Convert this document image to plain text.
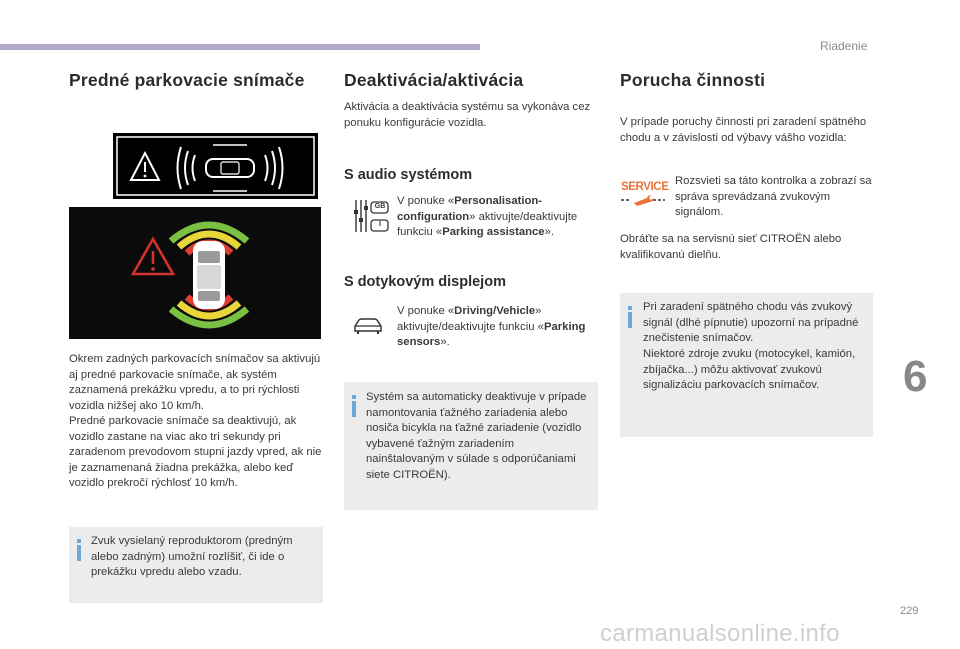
Riadenie
Predné parkovacie snímače

Okrem zadných parkovacích snímačov sa aktivujú aj predné parkovacie snímače, ak systém zaznamená prekážku vpredu, a to pri rýchlosti vozidla nižšej ako 10 km/h.

Predné parkovacie snímače sa deaktivujú, ak vozidlo zastane na viac ako tri sekundy pri zaradenom prevodovom stupni jazdy vpred, ak nie je zaznamenaná žiadna prekážka, alebo keď vozidlo prekročí rýchlosť 10 km/h.

Zvuk vysielaný reproduktorom (predným alebo zadným) umožní rozlíšiť, či ide o prekážku vpredu alebo vzadu.

Deaktivácia/aktivácia

Aktivácia a deaktivácia systému sa vykonáva cez ponuku konfigurácie vozidla.

S audio systémom
GB
I

V ponuke «Personalisation-configuration» aktivujte/deaktivujte funkciu «Parking assistance».

S dotykovým displejom

V ponuke «Driving/Vehicle» aktivujte/deaktivujte funkciu «Parking sensors».

Systém sa automaticky deaktivuje v prípade namontovania ťažného zariadenia alebo nosiča bicykla na ťažné zariadenie (vozidlo vybavené ťažným zariadením nainštalovaným v súlade s odporúčaniami siete CITROËN).

Porucha činnosti

V prípade poruchy činnosti pri zaradení spätného chodu a v závislosti od výbavy vášho vozidla:

SERVICE Rozsvieti sa táto kontrolka a zobrazí sa správa sprevádzaná zvukovým signálom.

Obráťte sa na servisnú sieť CITROËN alebo kvalifikovanú dielňu.

Pri zaradení spätného chodu vás zvukový signál (dlhé pípnutie) upozorní na prípadné znečistenie snímačov.

Niektoré zdroje zvuku (motocykel, kamión, zbíjačka...) môžu aktivovať zvukovú signalizáciu parkovacích snímačov.	6
229
carmanualsonline.info
